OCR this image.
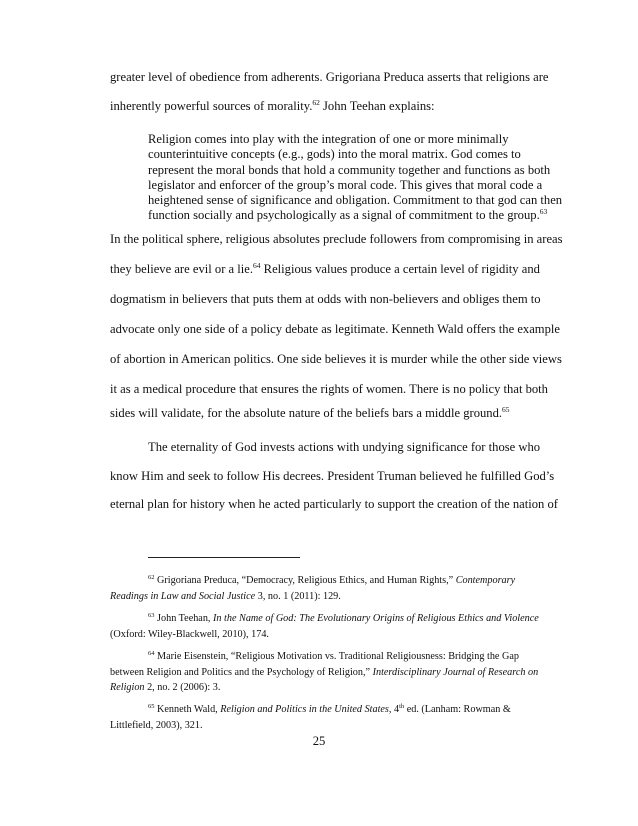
greater level of obedience from adherents. Grigoriana Preduca asserts that religions are
inherently powerful sources of morality.$^{62}$ John Teehan explains:
Religion comes into play with the integration of one or more minimally
counterintuitive concepts (e.g., gods) into the moral matrix. God comes to
represent the moral bonds that hold a community together and functions as both
legislator and enforcer of the group’s moral code. This gives that moral code a
heightened sense of significance and obligation. Commitment to that god can then
function socially and psychologically as a signal of commitment to the group.$^{63}$
In the political sphere, religious absolutes preclude followers from compromising in areas
they believe are evil or a lie.$^{64}$ Religious values produce a certain level of rigidity and
dogmatism in believers that puts them at odds with non-believers and obliges them to
advocate only one side of a policy debate as legitimate. Kenneth Wald offers the example
of abortion in American politics. One side believes it is murder while the other side views
it as a medical procedure that ensures the rights of women. There is no policy that both
sides will validate, for the absolute nature of the beliefs bars a middle ground.$^{65}$
The eternality of God invests actions with undying significance for those who
know Him and seek to follow His decrees. President Truman believed he fulfilled God’s
eternal plan for history when he acted particularly to support the creation of the nation of
$^{62}$ Grigoriana Preduca, “Democracy, Religious Ethics, and Human Rights,” Contemporary
Readings in Law and Social Justice 3, no. 1 (2011): 129.
$^{63}$ John Teehan, In the Name of God: The Evolutionary Origins of Religious Ethics and Violence
(Oxford: Wiley-Blackwell, 2010), 174.
$^{64}$ Marie Eisenstein, “Religious Motivation vs. Traditional Religiousness: Bridging the Gap
between Religion and Politics and the Psychology of Religion,” Interdisciplinary Journal of Research on
Religion 2, no. 2 (2006): 3.
$^{65}$ Kenneth Wald, Religion and Politics in the United States, 4th ed. (Lanham: Rowman &
Littlefield, 2003), 321.
25
